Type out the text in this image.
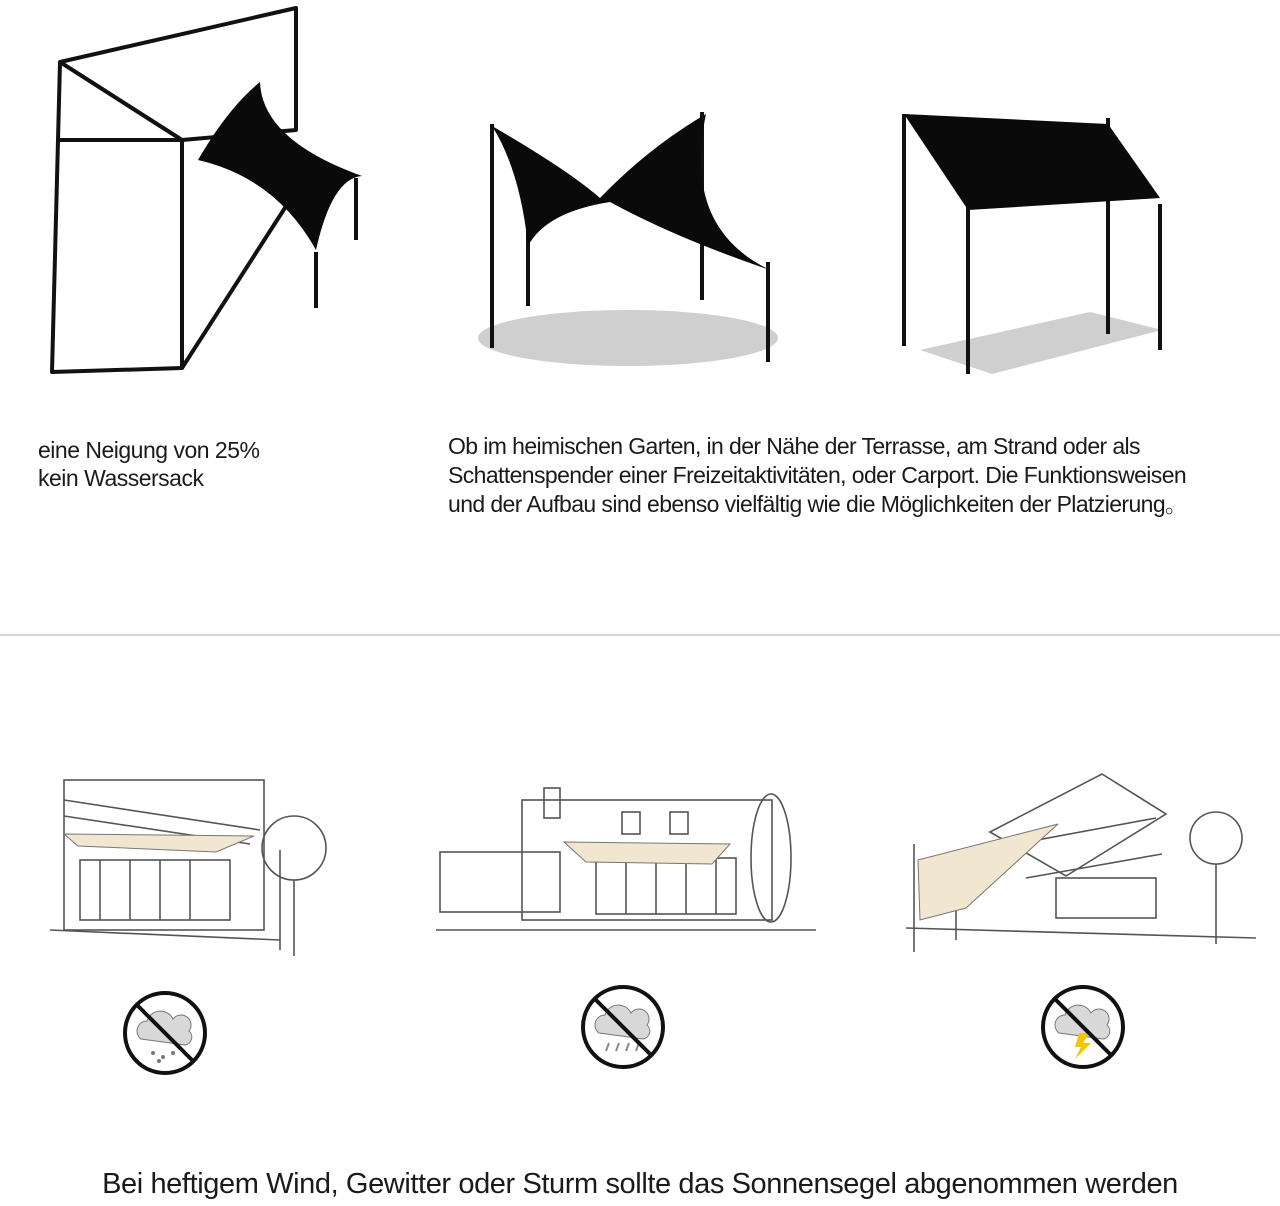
eine Neigung von 25%
kein Wassersack
Ob im heimischen Garten, in der Nähe der Terrasse, am Strand oder als
Schattenspender einer Freizeitaktivitäten, oder Carport. Die Funktionsweisen
und der Aufbau sind ebenso vielfältig wie die Möglichkeiten der Platzierung。
Bei heftigem Wind, Gewitter oder Sturm sollte das Sonnensegel abgenommen werden
